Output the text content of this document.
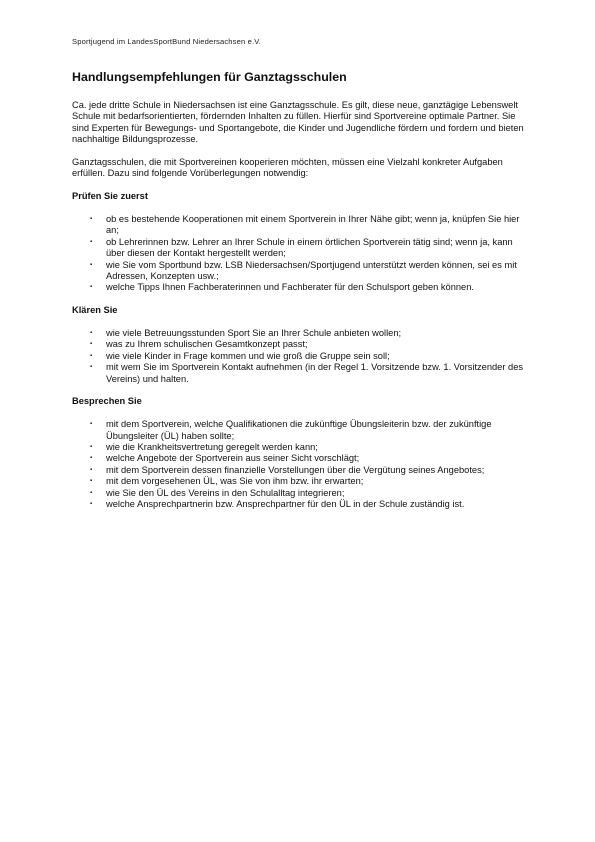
Sportjugend im LandesSportBund Niedersachsen e.V.
Handlungsempfehlungen für Ganztagsschulen

Ca. jede dritte Schule in Niedersachsen ist eine Ganztagsschule. Es gilt, diese neue, ganztägige Lebenswelt Schule mit bedarfsorientierten, fördernden Inhalten zu füllen. Hierfür sind Sportvereine optimale Partner. Sie sind Experten für Bewegungs- und Sportangebote, die Kinder und Jugendliche fördern und fordern und bieten nachhaltige Bildungsprozesse.

Ganztagsschulen, die mit Sportvereinen kooperieren möchten, müssen eine Vielzahl konkreter Aufgaben erfüllen. Dazu sind folgende Vorüberlegungen notwendig:

Prüfen Sie zuerst
▪ ob es bestehende Kooperationen mit einem Sportverein in Ihrer Nähe gibt; wenn ja, knüpfen Sie hier an;
▪ ob Lehrerinnen bzw. Lehrer an Ihrer Schule in einem örtlichen Sportverein tätig sind; wenn ja, kann über diesen der Kontakt hergestellt werden;
▪ wie Sie vom Sportbund bzw. LSB Niedersachsen/Sportjugend unterstützt werden können, sei es mit Adressen, Konzepten usw.;
▪ welche Tipps Ihnen Fachberaterinnen und Fachberater für den Schulsport geben können.
Klären Sie
▪ wie viele Betreuungsstunden Sport Sie an Ihrer Schule anbieten wollen;
▪ was zu Ihrem schulischen Gesamtkonzept passt;
▪ wie viele Kinder in Frage kommen und wie groß die Gruppe sein soll;
▪ mit wem Sie im Sportverein Kontakt aufnehmen (in der Regel 1. Vorsitzende bzw. 1. Vorsitzender des Vereins) und halten.
Besprechen Sie
▪ mit dem Sportverein, welche Qualifikationen die zukünftige Übungsleiterin bzw. der zukünftige Übungsleiter (ÜL) haben sollte;
▪ wie die Krankheitsvertretung geregelt werden kann;
▪ welche Angebote der Sportverein aus seiner Sicht vorschlägt;
▪ mit dem Sportverein dessen finanzielle Vorstellungen über die Vergütung seines Angebotes;
▪ mit dem vorgesehenen ÜL, was Sie von ihm bzw. ihr erwarten;
▪ wie Sie den ÜL des Vereins in den Schulalltag integrieren;
▪ welche Ansprechpartnerin bzw. Ansprechpartner für den ÜL in der Schule zuständig ist.
